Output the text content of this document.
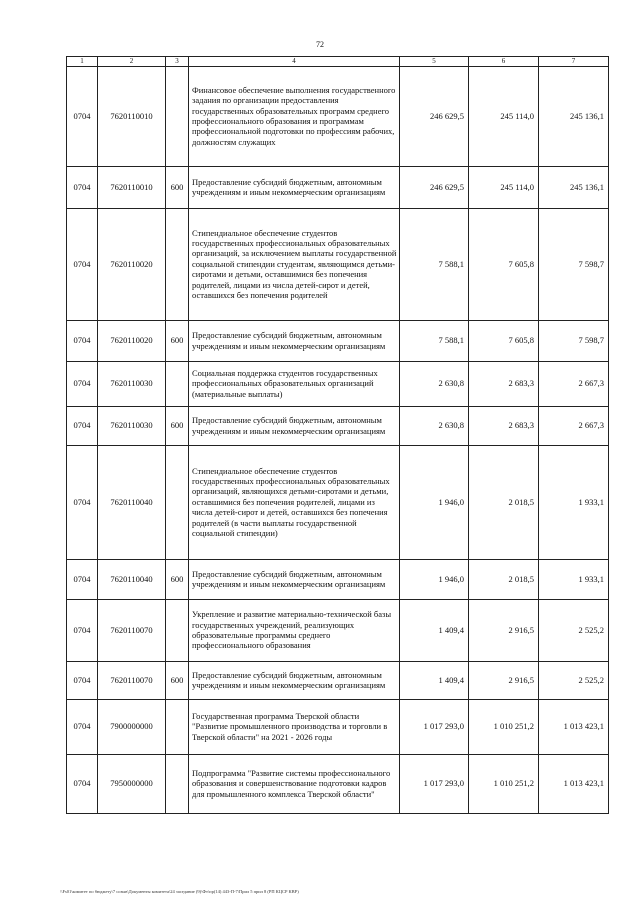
72
1	2	3	4	5	6	7
0704	7620110010		Финансовое обеспечение выполнения государственного задания по организации предоставления государственных образовательных программ среднего профессионального образования и программам профессиональной подготовки по профессиям рабочих, должностям служащих	246 629,5	245 114,0	245 136,1
0704	7620110010	600	Предоставление субсидий бюджетным, автономным учреждениям и иным некоммерческим организациям	246 629,5	245 114,0	245 136,1
0704	7620110020		Стипендиальное обеспечение студентов государственных профессиональных образовательных организаций, за исключением выплаты государственной социальной стипендии студентам, являющимся детьми-сиротами и детьми, оставшимися без попечения родителей, лицами из числа детей-сирот и детей, оставшихся без попечения родителей	7 588,1	7 605,8	7 598,7
0704	7620110020	600	Предоставление субсидий бюджетным, автономным учреждениям и иным некоммерческим организациям	7 588,1	7 605,8	7 598,7
0704	7620110030		Социальная поддержка студентов государственных профессиональных образовательных организаций (материальные выплаты)	2 630,8	2 683,3	2 667,3
0704	7620110030	600	Предоставление субсидий бюджетным, автономным учреждениям и иным некоммерческим организациям	2 630,8	2 683,3	2 667,3
0704	7620110040		Стипендиальное обеспечение студентов государственных профессиональных образовательных организаций, являющихся детьми-сиротами и детьми, оставшимися без попечения родителей, лицами из числа детей-сирот и детей, оставшихся без попечения родителей (в части выплаты государственной социальной стипендии)	1 946,0	2 018,5	1 933,1
0704	7620110040	600	Предоставление субсидий бюджетным, автономным учреждениям и иным некоммерческим организациям	1 946,0	2 018,5	1 933,1
0704	7620110070		Укрепление и развитие материально-технической базы государственных учреждений, реализующих образовательные программы среднего профессионального образования	1 409,4	2 916,5	2 525,2
0704	7620110070	600	Предоставление субсидий бюджетным, автономным учреждениям и иным некоммерческим организациям	1 409,4	2 916,5	2 525,2
0704	7900000000		Государственная программа Тверской области "Развитие промышленного производства и торговли в Тверской области" на 2021 - 2026 годы	1 017 293,0	1 010 251,2	1 013 423,1
0704	7950000000		Подпрограмма "Развитие системы профессионального образования и совершенствование подготовки кадров для промышленного комплекса Тверской области"	1 017 293,0	1 010 251,2	1 013 423,1
\\Fs01\комитет по бюджету\7 созыв\Документы комитета\24 заседание (9)\Фт\пр(14) 443-П-7\Прил 5 прил 8 (РП КЦСР КВР)
